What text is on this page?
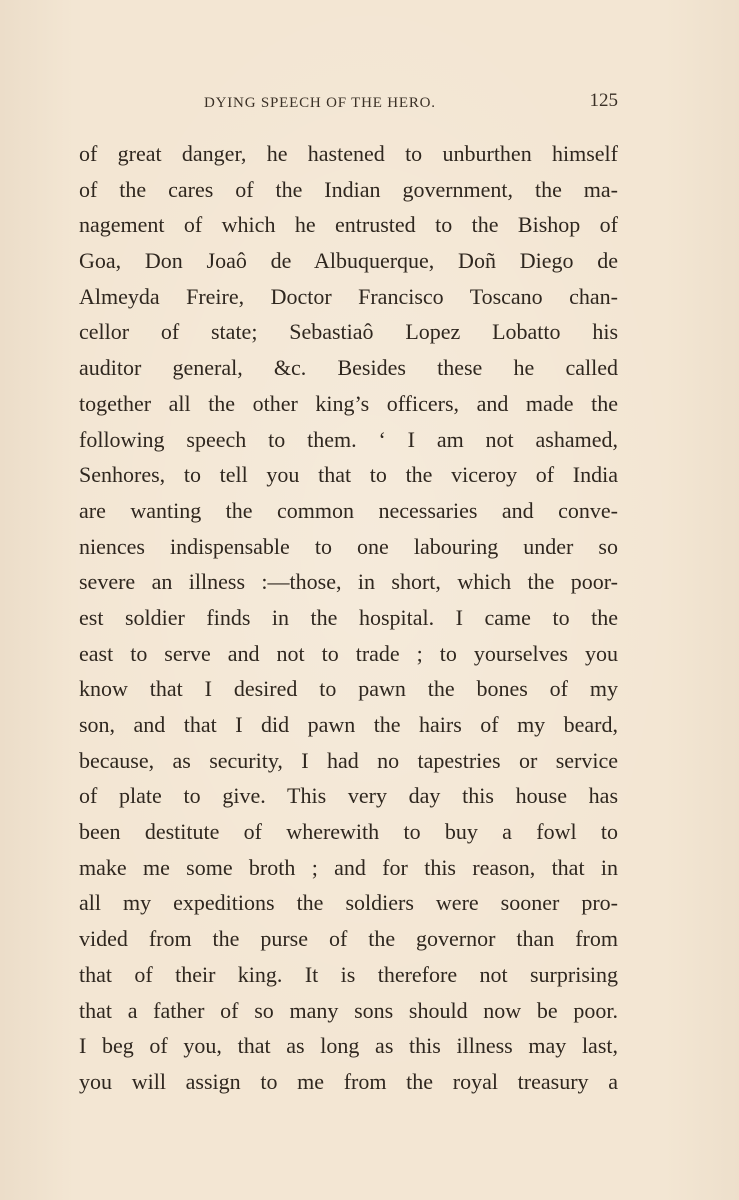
DYING SPEECH OF THE HERO.	125
of great danger, he hastened to unburthen himself
of the cares of the Indian government, the ma-
nagement of which he entrusted to the Bishop of
Goa, Don Joaô de Albuquerque, Doñ Diego de
Almeyda Freire, Doctor Francisco Toscano chan-
cellor of state; Sebastiaô Lopez Lobatto his
auditor general, &c. Besides these he called
together all the other king’s officers, and made the
following speech to them. ‘ I am not ashamed,
Senhores, to tell you that to the viceroy of India
are wanting the common necessaries and conve-
niences indispensable to one labouring under so
severe an illness :—those, in short, which the poor-
est soldier finds in the hospital. I came to the
east to serve and not to trade ; to yourselves you
know that I desired to pawn the bones of my
son, and that I did pawn the hairs of my beard,
because, as security, I had no tapestries or service
of plate to give. This very day this house has
been destitute of wherewith to buy a fowl to
make me some broth ; and for this reason, that in
all my expeditions the soldiers were sooner pro-
vided from the purse of the governor than from
that of their king. It is therefore not surprising
that a father of so many sons should now be poor.
I beg of you, that as long as this illness may last,
you will assign to me from the royal treasury a
